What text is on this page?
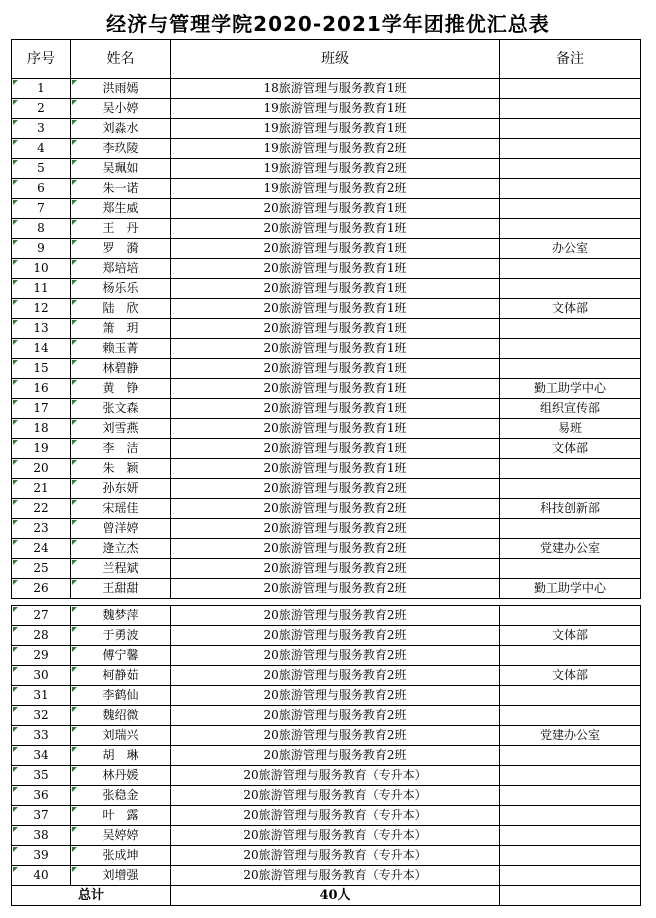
经济与管理学院2020-2021学年团推优汇总表
序号	姓名	班级	备注
1	洪雨嫣	18旅游管理与服务教育1班	
2	吴小婷	19旅游管理与服务教育1班	
3	刘淼水	19旅游管理与服务教育1班	
4	李玖陵	19旅游管理与服务教育2班	
5	吴珮如	19旅游管理与服务教育2班	
6	朱一诺	19旅游管理与服务教育2班	
7	郑生威	20旅游管理与服务教育1班	
8	王　丹	20旅游管理与服务教育1班	
9	罗　漪	20旅游管理与服务教育1班	办公室
10	郑培培	20旅游管理与服务教育1班	
11	杨乐乐	20旅游管理与服务教育1班	
12	陆　欣	20旅游管理与服务教育1班	文体部
13	箫　玥	20旅游管理与服务教育1班	
14	赖玉菁	20旅游管理与服务教育1班	
15	林碧静	20旅游管理与服务教育1班	
16	黄　铮	20旅游管理与服务教育1班	勤工助学中心
17	张文森	20旅游管理与服务教育1班	组织宣传部
18	刘雪燕	20旅游管理与服务教育1班	易班
19	李　洁	20旅游管理与服务教育1班	文体部
20	朱　颖	20旅游管理与服务教育1班	
21	孙东妍	20旅游管理与服务教育2班	
22	宋瑶佳	20旅游管理与服务教育2班	科技创新部
23	曾洋婷	20旅游管理与服务教育2班	
24	逄立杰	20旅游管理与服务教育2班	党建办公室
25	兰程斌	20旅游管理与服务教育2班	
26	王甜甜	20旅游管理与服务教育2班	勤工助学中心
27	魏梦萍	20旅游管理与服务教育2班	
28	于勇波	20旅游管理与服务教育2班	文体部
29	傅宁馨	20旅游管理与服务教育2班	
30	柯静茹	20旅游管理与服务教育2班	文体部
31	李鹤仙	20旅游管理与服务教育2班	
32	魏绍微	20旅游管理与服务教育2班	
33	刘瑞兴	20旅游管理与服务教育2班	党建办公室
34	胡　琳	20旅游管理与服务教育2班	
35	林丹媛	20旅游管理与服务教育（专升本）	
36	张稳金	20旅游管理与服务教育（专升本）	
37	叶　露	20旅游管理与服务教育（专升本）	
38	吴婷婷	20旅游管理与服务教育（专升本）	
39	张成坤	20旅游管理与服务教育（专升本）	
40	刘增强	20旅游管理与服务教育（专升本）	
总计		40人	
